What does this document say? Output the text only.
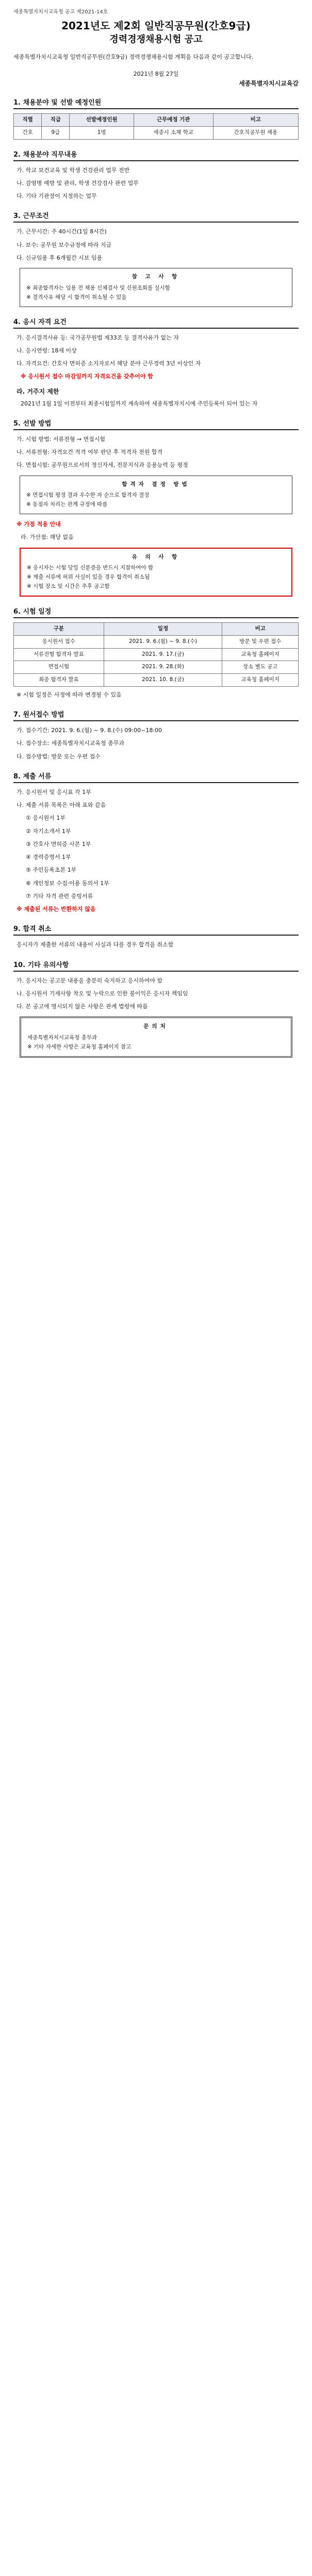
세종특별자치시교육청 공고 제2021-14호
2021년도 제2회 일반직공무원(간호9급)
경력경쟁채용시험 공고
세종특별자치시교육청 일반직공무원(간호9급) 경력경쟁채용시험 계획을 다음과 같이 공고합니다.
2021년 8월 27일
세종특별자치시교육감
1. 채용분야 및 선발 예정인원
직렬	직급	선발예정인원	근무예정 기관	비고
간호	9급	1명	세종시 소재 학교	간호직공무원 채용
2. 채용분야 직무내용
가. 학교 보건교육 및 학생 건강관리 업무 전반
나. 감염병 예방 및 관리, 학생 건강검사 관련 업무
다. 기타 기관장이 지정하는 업무
3. 근무조건
가. 근무시간: 주 40시간(1일 8시간)
나. 보수: 공무원 보수규정에 따라 지급
다. 신규임용 후 6개월간 시보 임용
참 고 사 항
※ 최종합격자는 임용 전 채용 신체검사 및 신원조회를 실시함
※ 결격사유 해당 시 합격이 취소될 수 있음
4. 응시 자격 요건
가. 응시결격사유 등: 국가공무원법 제33조 등 결격사유가 없는 자
나. 응시연령: 18세 이상
다. 자격요건: 간호사 면허증 소지자로서 해당 분야 근무경력 3년 이상인 자
※ 응시원서 접수 마감일까지 자격요건을 갖추어야 함
라. 거주지 제한
2021년 1월 1일 이전부터 최종시험일까지 계속하여 세종특별자치시에 주민등록이 되어 있는 자
5. 선발 방법
가. 시험 방법: 서류전형 → 면접시험
나. 서류전형: 자격요건 적격 여부 판단 후 적격자 전원 합격
다. 면접시험: 공무원으로서의 정신자세, 전문지식과 응용능력 등 평정
합격자 결정 방법
※ 면접시험 평정 결과 우수한 자 순으로 합격자 결정
※ 동점자 처리는 관계 규정에 따름
※ 가점 적용 안내
라. 가산점: 해당 없음
유 의 사 항
※ 응시자는 시험 당일 신분증을 반드시 지참하여야 함
※ 제출 서류에 허위 사실이 있을 경우 합격이 취소됨
※ 시험 장소 및 시간은 추후 공고함
6. 시험 일정
구분	일정	비고
응시원서 접수	2021. 9. 6.(월) ~ 9. 8.(수)	방문 및 우편 접수
서류전형 합격자 발표	2021. 9. 17.(금)	교육청 홈페이지
면접시험	2021. 9. 28.(화)	장소 별도 공고
최종 합격자 발표	2021. 10. 8.(금)	교육청 홈페이지
※ 시험 일정은 사정에 따라 변경될 수 있음
7. 원서접수 방법
가. 접수기간: 2021. 9. 6.(월) ~ 9. 8.(수) 09:00~18:00
나. 접수장소: 세종특별자치시교육청 총무과
다. 접수방법: 방문 또는 우편 접수
8. 제출 서류
가. 응시원서 및 응시표 각 1부
나. 제출 서류 목록은 아래 표와 같음
① 응시원서 1부
② 자기소개서 1부
③ 간호사 면허증 사본 1부
④ 경력증명서 1부
⑤ 주민등록초본 1부
⑥ 개인정보 수집·이용 동의서 1부
⑦ 기타 자격 관련 증빙서류
※ 제출된 서류는 반환하지 않음
9. 합격 취소
응시자가 제출한 서류의 내용이 사실과 다를 경우 합격을 취소함
10. 기타 유의사항
가. 응시자는 공고문 내용을 충분히 숙지하고 응시하여야 함
나. 응시원서 기재사항 착오 및 누락으로 인한 불이익은 응시자 책임임
다. 본 공고에 명시되지 않은 사항은 관계 법령에 따름
문의처
세종특별자치시교육청 총무과
※ 기타 자세한 사항은 교육청 홈페이지 참고
